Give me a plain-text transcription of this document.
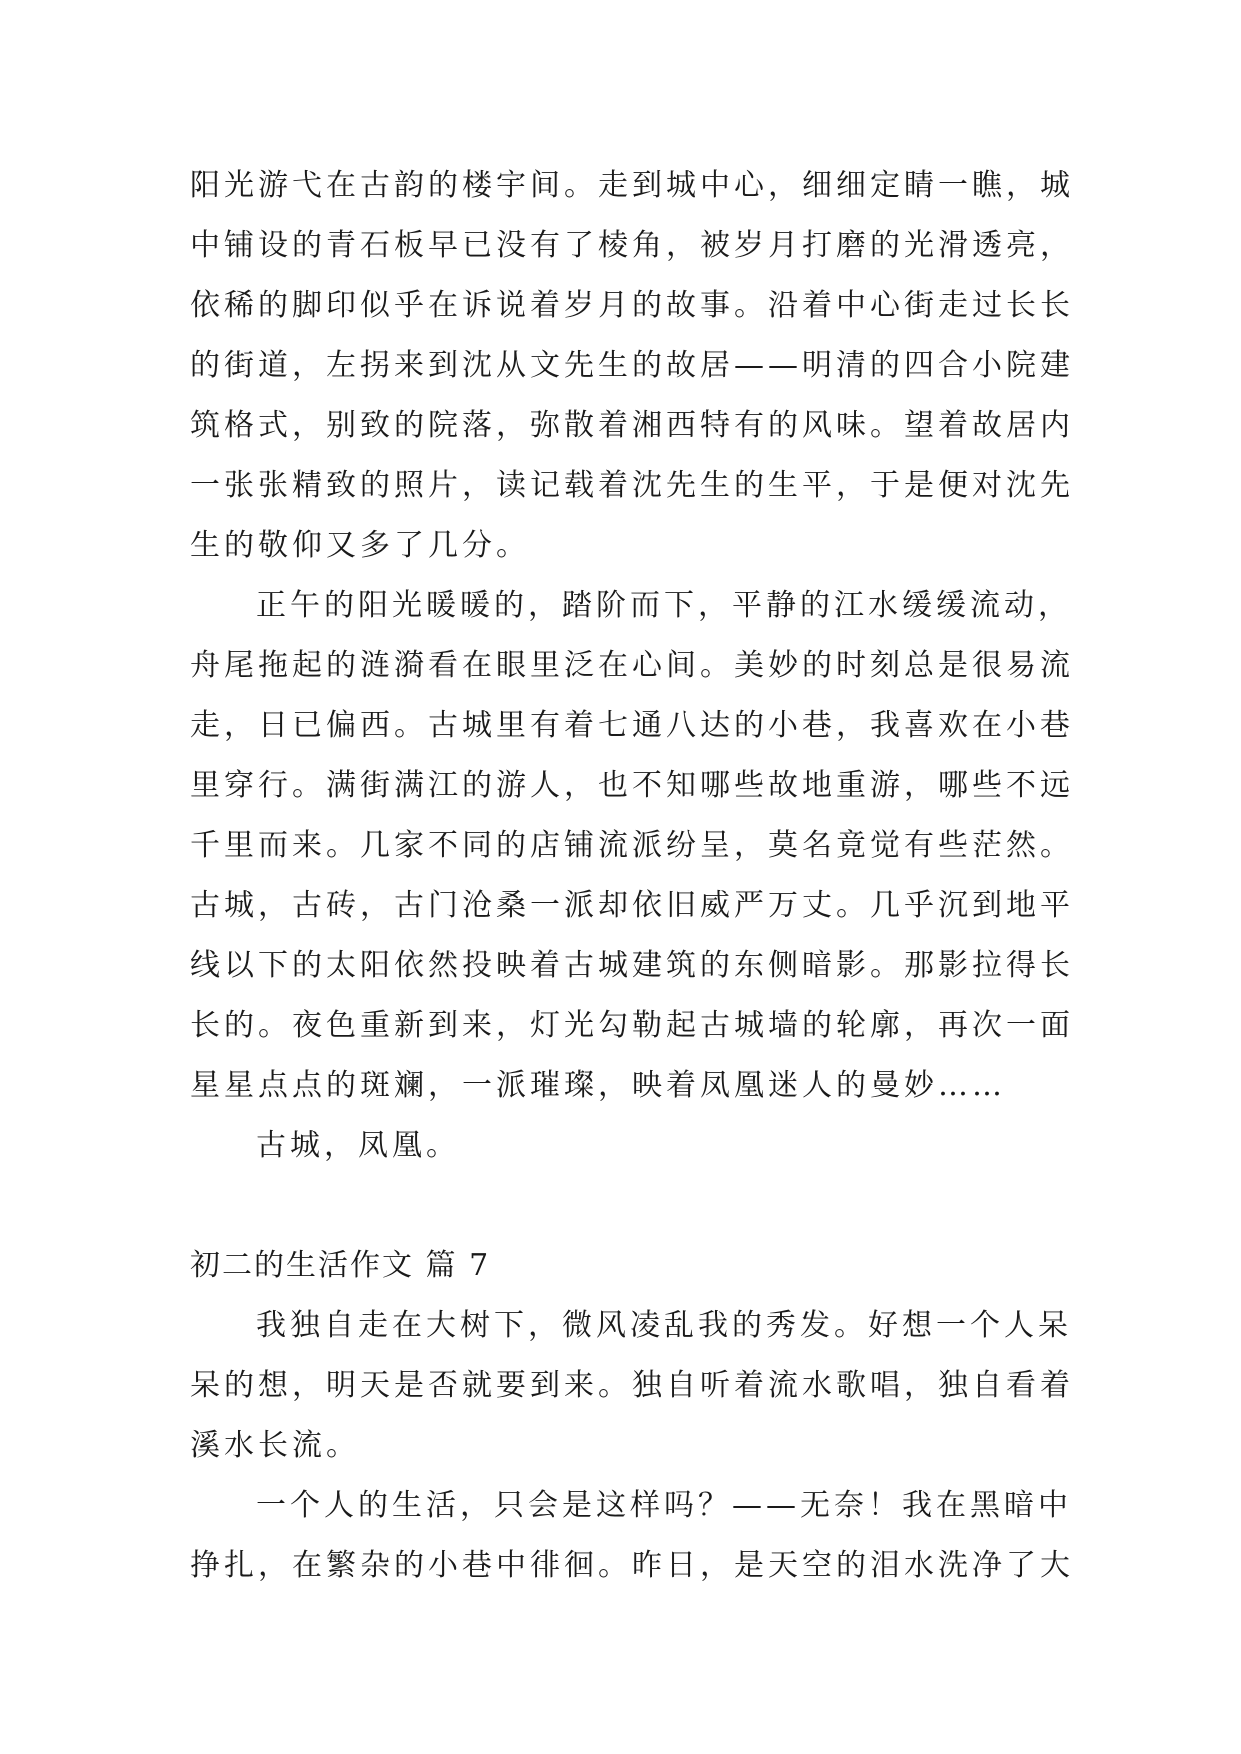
阳光游弋在古韵的楼宇间。走到城中心，细细定睛一瞧，城
中铺设的青石板早已没有了棱角，被岁月打磨的光滑透亮，
依稀的脚印似乎在诉说着岁月的故事。沿着中心街走过长长
的街道，左拐来到沈从文先生的故居——明清的四合小院建
筑格式，别致的院落，弥散着湘西特有的风味。望着故居内
一张张精致的照片，读记载着沈先生的生平，于是便对沈先
生的敬仰又多了几分。
正午的阳光暖暖的，踏阶而下，平静的江水缓缓流动，
舟尾拖起的涟漪看在眼里泛在心间。美妙的时刻总是很易流
走，日已偏西。古城里有着七通八达的小巷，我喜欢在小巷
里穿行。满街满江的游人，也不知哪些故地重游，哪些不远
千里而来。几家不同的店铺流派纷呈，莫名竟觉有些茫然。
古城，古砖，古门沧桑一派却依旧威严万丈。几乎沉到地平
线以下的太阳依然投映着古城建筑的东侧暗影。那影拉得长
长的。夜色重新到来，灯光勾勒起古城墙的轮廓，再次一面
星星点点的斑斓，一派璀璨，映着凤凰迷人的曼妙……
古城，凤凰。
初二的生活作文 篇 7
我独自走在大树下，微风凌乱我的秀发。好想一个人呆
呆的想，明天是否就要到来。独自听着流水歌唱，独自看着
溪水长流。
一个人的生活，只会是这样吗？——无奈！我在黑暗中
挣扎，在繁杂的小巷中徘徊。昨日，是天空的泪水洗净了大
